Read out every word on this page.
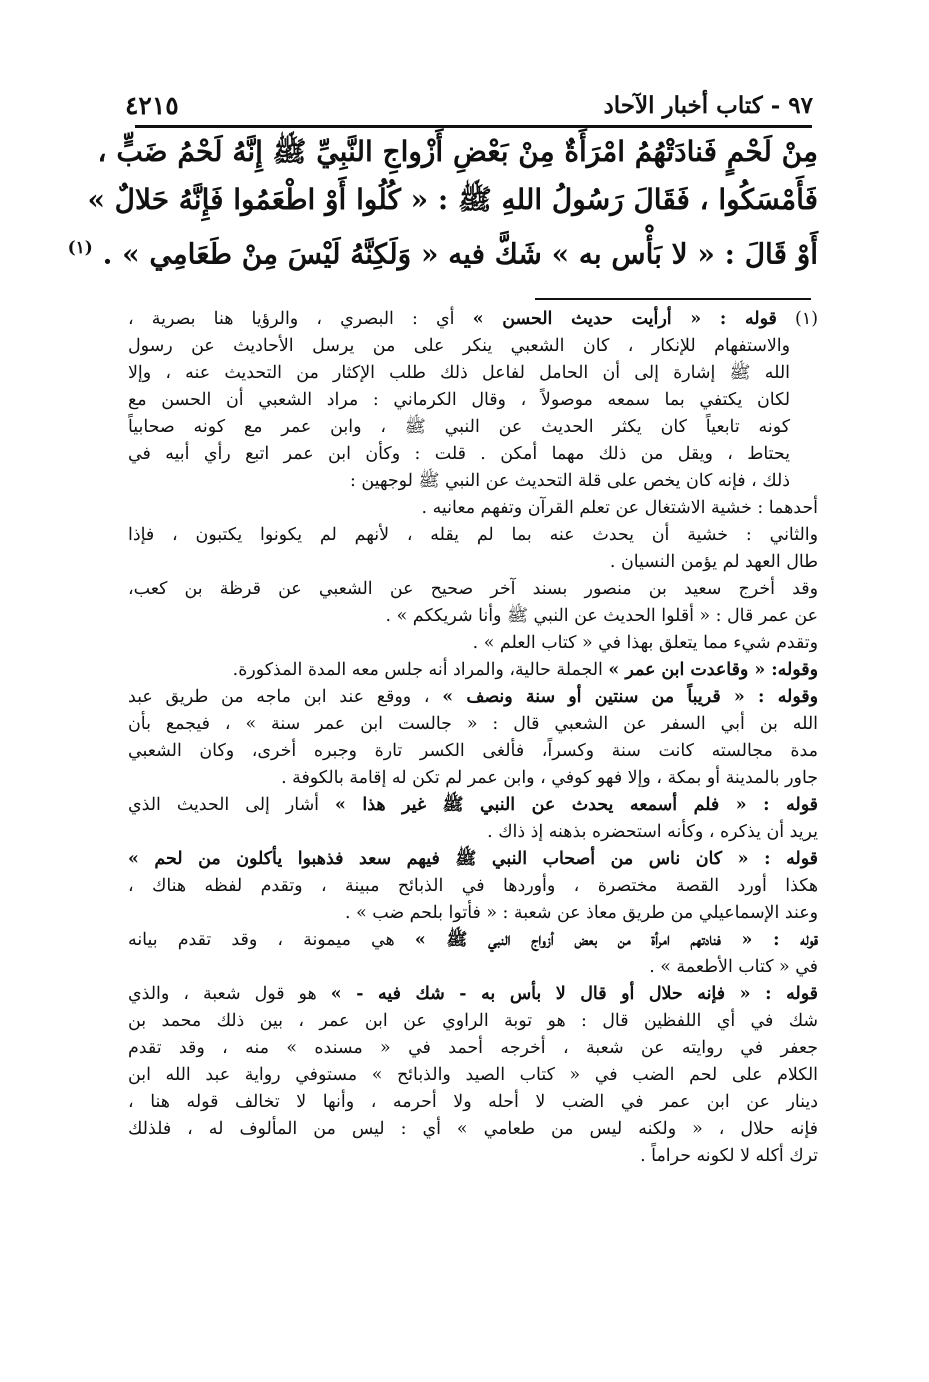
٤٢١٥	٩٧ - كتاب أخبار الآحاد
مِنْ لَحْمٍ فَنادَتْهُمُ امْرَأَةٌ مِنْ بَعْضِ أَزْواجِ النَّبِيِّ ﷺ إِنَّهُ لَحْمُ ضَبٍّ ،
فَأَمْسَكُوا ، فَقَالَ رَسُولُ اللهِ ﷺ : « كُلُوا أَوْ اطْعَمُوا فَإِنَّهُ حَلالٌ »
أَوْ قَالَ : « لا بَأْس به » شَكَّ فيه « وَلَكِنَّهُ لَيْسَ مِنْ طَعَامِي » . $^{(١)}$
(١) قوله : « أرأيت حديث الحسن » أي : البصري ، والرؤيا هنا بصرية ،
والاستفهام للإنكار ، كان الشعبي ينكر على من يرسل الأحاديث عن رسول
الله ﷺ إشارة إلى أن الحامل لفاعل ذلك طلب الإكثار من التحديث عنه ، وإلا
لكان يكتفي بما سمعه موصولاً ، وقال الكرماني : مراد الشعبي أن الحسن مع
كونه تابعياً كان يكثر الحديث عن النبي ﷺ ، وابن عمر مع كونه صحابياً
يحتاط ، ويقل من ذلك مهما أمكن . قلت : وكأن ابن عمر اتبع رأي أبيه في
ذلك ، فإنه كان يخص على قلة التحديث عن النبي ﷺ لوجهين :
أحدهما : خشية الاشتغال عن تعلم القرآن وتفهم معانيه .
والثاني : خشية أن يحدث عنه بما لم يقله ، لأنهم لم يكونوا يكتبون ، فإذا
طال العهد لم يؤمن النسيان .
وقد أخرج سعيد بن منصور بسند آخر صحيح عن الشعبي عن قرظة بن كعب،
عن عمر قال : « أقلوا الحديث عن النبي ﷺ وأنا شريككم » .
وتقدم شيء مما يتعلق بهذا في « كتاب العلم » .
وقوله: « وقاعدت ابن عمر » الجملة حالية، والمراد أنه جلس معه المدة المذكورة.
وقوله : « قريباً من سنتين أو سنة ونصف » ، ووقع عند ابن ماجه من طريق عبد
الله بن أبي السفر عن الشعبي قال : « جالست ابن عمر سنة » ، فيجمع بأن
مدة مجالسته كانت سنة وكسراً، فألغى الكسر تارة وجبره أخرى، وكان الشعبي
جاور بالمدينة أو بمكة ، وإلا فهو كوفي ، وابن عمر لم تكن له إقامة بالكوفة .
قوله : « فلم أسمعه يحدث عن النبي ﷺ غير هذا » أشار إلى الحديث الذي
يريد أن يذكره ، وكأنه استحضره بذهنه إذ ذاك .
قوله : « كان ناس من أصحاب النبي ﷺ فيهم سعد فذهبوا يأكلون من لحم »
هكذا أورد القصة مختصرة ، وأوردها في الذبائح مبينة ، وتقدم لفظه هناك ،
وعند الإسماعيلي من طريق معاذ عن شعبة : « فأتوا بلحم ضب » .
قوله : « فنادتهم امرأة من بعض أزواج النبي ﷺ » هي ميمونة ، وقد تقدم بيانه
في « كتاب الأطعمة » .
قوله : « فإنه حلال أو قال لا بأس به - شك فيه - » هو قول شعبة ، والذي
شك في أي اللفظين قال : هو توبة الراوي عن ابن عمر ، بين ذلك محمد بن
جعفر في روايته عن شعبة ، أخرجه أحمد في « مسنده » منه ، وقد تقدم
الكلام على لحم الضب في « كتاب الصيد والذبائح » مستوفي رواية عبد الله ابن
دينار عن ابن عمر في الضب لا أحله ولا أحرمه ، وأنها لا تخالف قوله هنا ،
فإنه حلال ، « ولكنه ليس من طعامي » أي : ليس من المألوف له ، فلذلك
ترك أكله لا لكونه حراماً .
